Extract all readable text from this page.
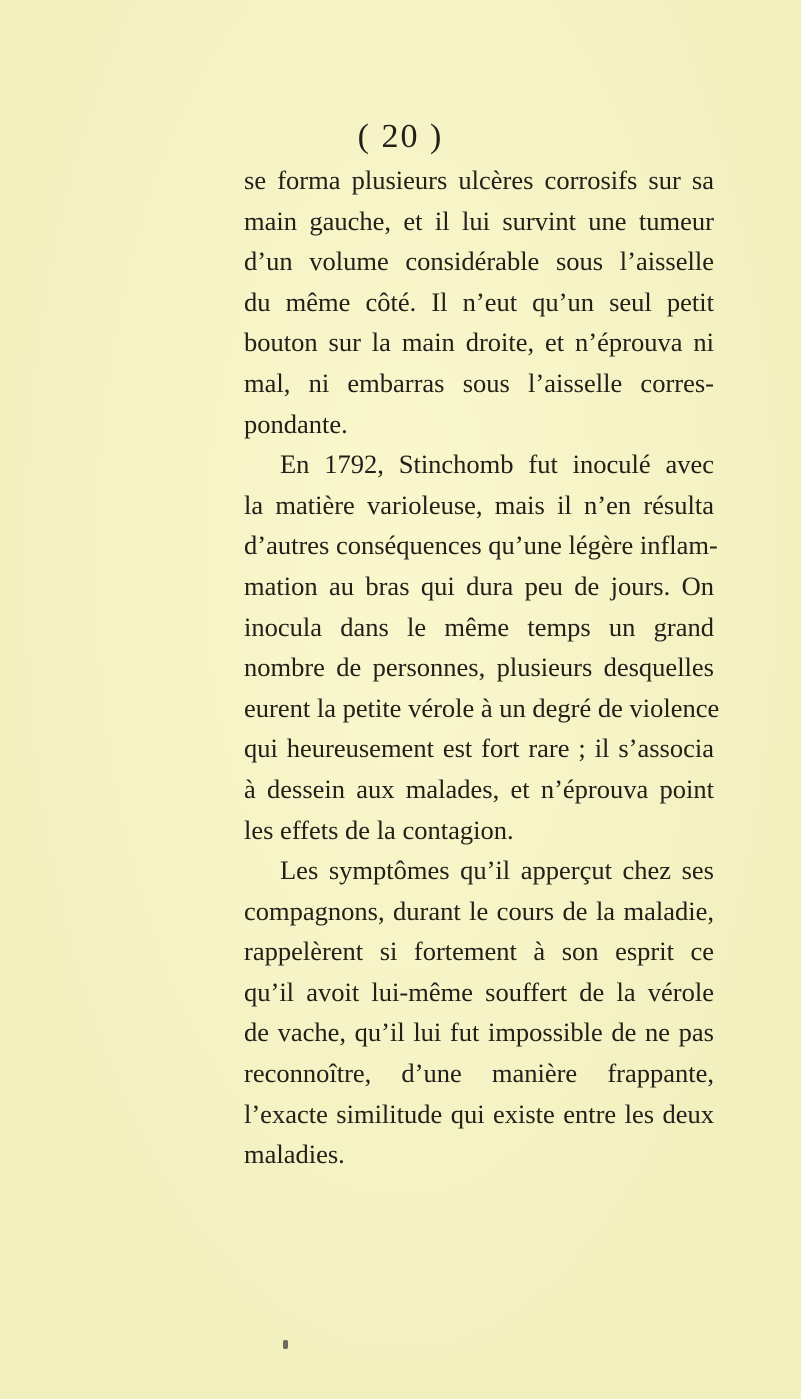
( 20 )
se forma plusieurs ulcères corrosifs sur sa
main gauche, et il lui survint une tumeur
d’un volume considérable sous l’aisselle
du même côté. Il n’eut qu’un seul petit
bouton sur la main droite, et n’éprouva ni
mal, ni embarras sous l’aisselle corres-
pondante.
En 1792, Stinchomb fut inoculé avec
la matière varioleuse, mais il n’en résulta
d’autres conséquences qu’une légère inflam-
mation au bras qui dura peu de jours. On
inocula dans le même temps un grand
nombre de personnes, plusieurs desquelles
eurent la petite vérole à un degré de violence
qui heureusement est fort rare ; il s’associa
à dessein aux malades, et n’éprouva point
les effets de la contagion.
Les symptômes qu’il apperçut chez ses
compagnons, durant le cours de la maladie,
rappelèrent si fortement à son esprit ce
qu’il avoit lui-même souffert de la vérole
de vache, qu’il lui fut impossible de ne pas
reconnoître, d’une manière frappante,
l’exacte similitude qui existe entre les deux
maladies.
